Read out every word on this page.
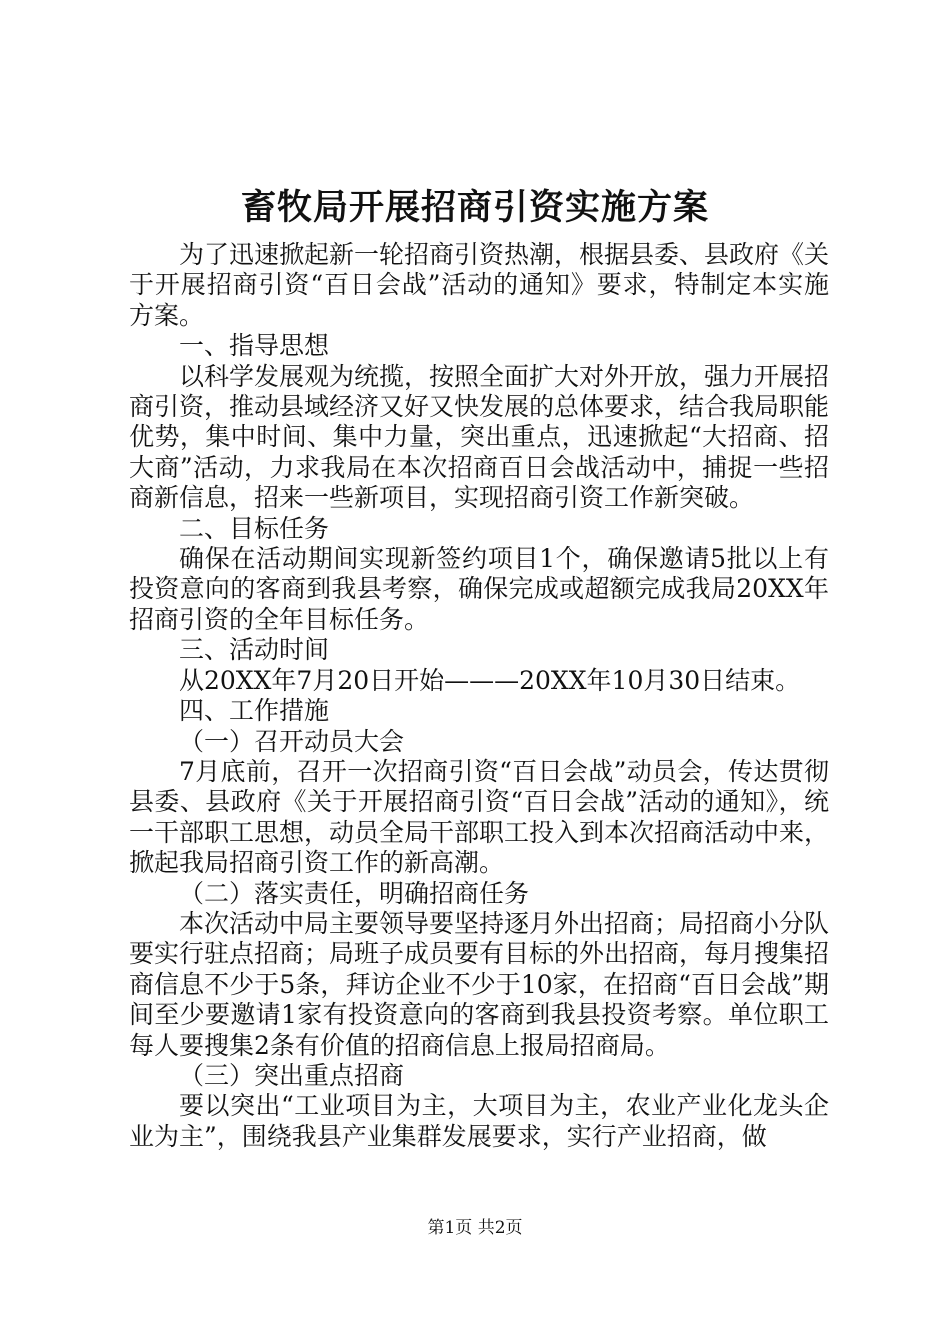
畜牧局开展招商引资实施方案

为了迅速掀起新一轮招商引资热潮，根据县委、县政府《关于开展招商引资“百日会战”活动的通知》要求，特制定本实施方案。

一、指导思想

以科学发展观为统揽，按照全面扩大对外开放，强力开展招商引资，推动县域经济又好又快发展的总体要求，结合我局职能优势，集中时间、集中力量，突出重点，迅速掀起“大招商、招大商”活动，力求我局在本次招商百日会战活动中，捕捉一些招商新信息，招来一些新项目，实现招商引资工作新突破。

二、目标任务

确保在活动期间实现新签约项目1个，确保邀请5批以上有投资意向的客商到我县考察，确保完成或超额完成我局20XX年招商引资的全年目标任务。

三、活动时间

从20XX年7月20日开始———20XX年10月30日结束。

四、工作措施

（一）召开动员大会

7月底前，召开一次招商引资“百日会战”动员会，传达贯彻县委、县政府《关于开展招商引资“百日会战”活动的通知》，统一干部职工思想，动员全局干部职工投入到本次招商活动中来，掀起我局招商引资工作的新高潮。

（二）落实责任，明确招商任务

本次活动中局主要领导要坚持逐月外出招商；局招商小分队要实行驻点招商；局班子成员要有目标的外出招商，每月搜集招商信息不少于5条，拜访企业不少于10家，在招商“百日会战”期间至少要邀请1家有投资意向的客商到我县投资考察。单位职工每人要搜集2条有价值的招商信息上报局招商局。

（三）突出重点招商

要以突出“工业项目为主，大项目为主，农业产业化龙头企业为主”，围绕我县产业集群发展要求，实行产业招商，做

第1页 共2页
